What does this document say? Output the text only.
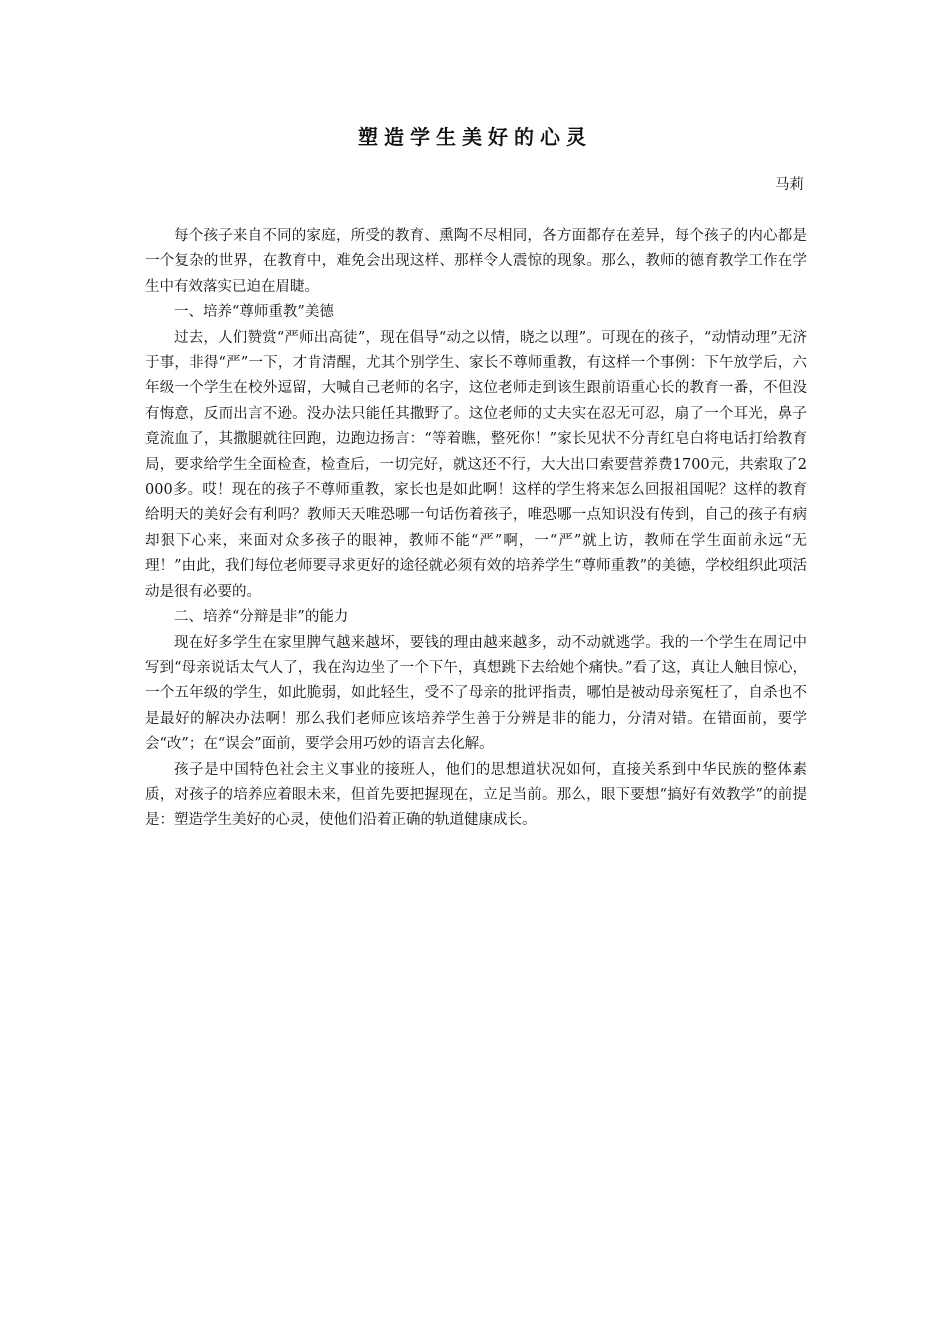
塑造学生美好的心灵
马莉

每个孩子来自不同的家庭，所受的教育、熏陶不尽相同，各方面都存在差异，每个孩子的内心都是一个复杂的世界，在教育中，难免会出现这样、那样令人震惊的现象。那么，教师的德育教学工作在学生中有效落实已迫在眉睫。

一、培养“尊师重教”美德

过去，人们赞赏“严师出高徒”，现在倡导“动之以情，晓之以理”。可现在的孩子，“动情动理”无济于事，非得“严”一下，才肯清醒，尤其个别学生、家长不尊师重教，有这样一个事例：下午放学后，六年级一个学生在校外逗留，大喊自己老师的名字，这位老师走到该生跟前语重心长的教育一番，不但没有悔意，反而出言不逊。没办法只能任其撒野了。这位老师的丈夫实在忍无可忍，扇了一个耳光，鼻子竟流血了，其撒腿就往回跑，边跑边扬言：“等着瞧，整死你！”家长见状不分青红皂白将电话打给教育局，要求给学生全面检查，检查后，一切完好，就这还不行，大大出口索要营养费1700元，共索取了2000多。哎！现在的孩子不尊师重教，家长也是如此啊！这样的学生将来怎么回报祖国呢？这样的教育给明天的美好会有利吗？教师天天唯恐哪一句话伤着孩子，唯恐哪一点知识没有传到，自己的孩子有病却狠下心来，来面对众多孩子的眼神，教师不能“严”啊，一“严”就上访，教师在学生面前永远“无理！”由此，我们每位老师要寻求更好的途径就必须有效的培养学生“尊师重教”的美德，学校组织此项活动是很有必要的。

二、培养“分辩是非”的能力

现在好多学生在家里脾气越来越坏，要钱的理由越来越多，动不动就逃学。我的一个学生在周记中写到“母亲说话太气人了，我在沟边坐了一个下午，真想跳下去给她个痛快。”看了这，真让人触目惊心，一个五年级的学生，如此脆弱，如此轻生，受不了母亲的批评指责，哪怕是被动母亲冤枉了，自杀也不是最好的解决办法啊！那么我们老师应该培养学生善于分辨是非的能力，分清对错。在错面前，要学会“改”；在“误会”面前，要学会用巧妙的语言去化解。

孩子是中国特色社会主义事业的接班人，他们的思想道状况如何，直接关系到中华民族的整体素质，对孩子的培养应着眼未来，但首先要把握现在，立足当前。那么，眼下要想“搞好有效教学”的前提是：塑造学生美好的心灵，使他们沿着正确的轨道健康成长。
